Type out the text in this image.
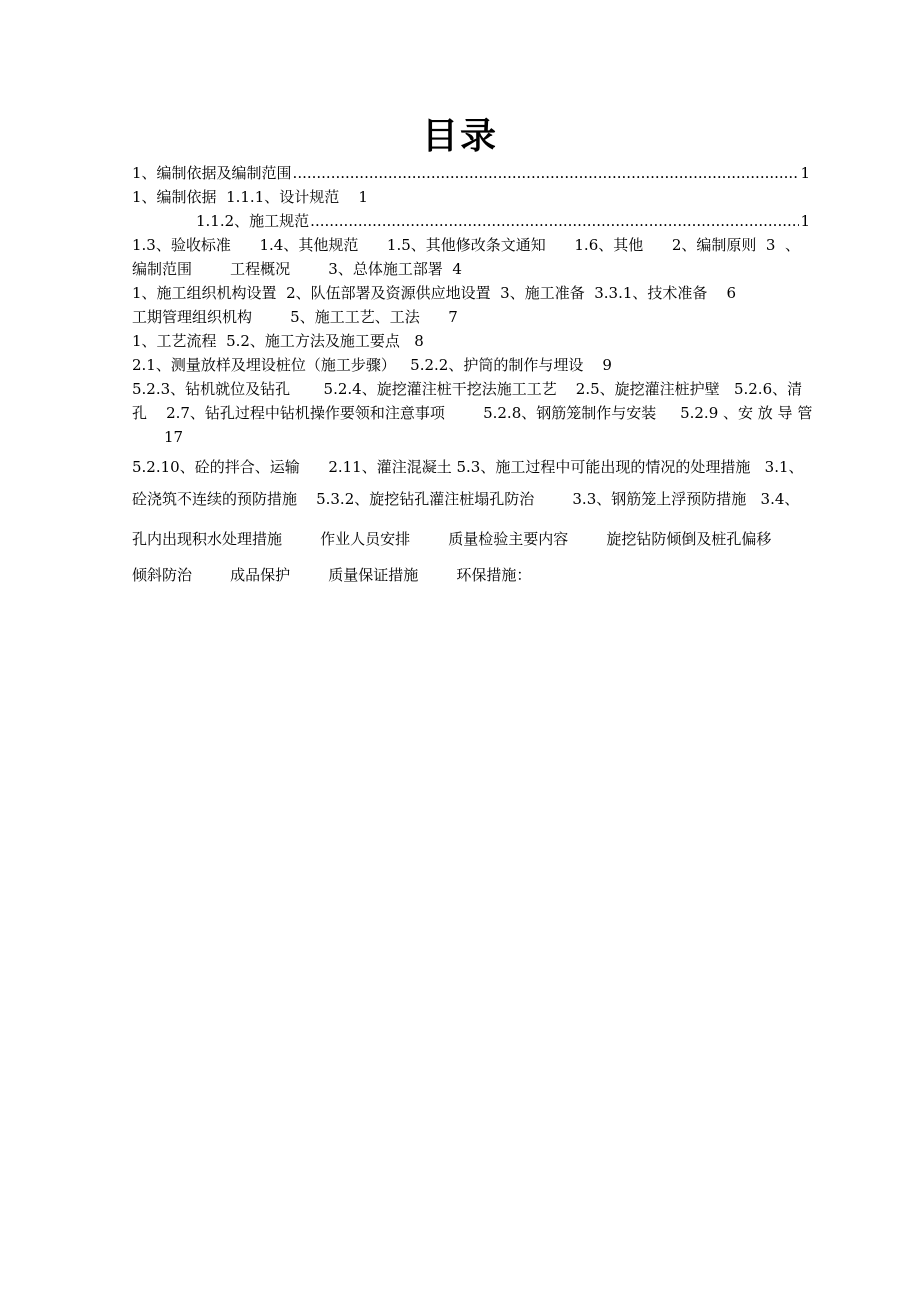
目录
1、编制依据及编制范围 .....	1
1、编制依据  1.1.1、设计规范    1
1.1.2、施工规范 .....	1
1.3、验收标准      1.4、其他规范      1.5、其他修改条文通知      1.6、其他      2、编制原则  3  、
编制范围        工程概况        3、总体施工部署  4
1、施工组织机构设置  2、队伍部署及资源供应地设置  3、施工准备  3.3.1、技术准备    6
工期管理组织机构        5、施工工艺、工法      7
1、工艺流程  5.2、施工方法及施工要点   8
2.1、测量放样及埋设桩位（施工步骤）   5.2.2、护筒的制作与埋设    9
5.2.3、钻机就位及钻孔       5.2.4、旋挖灌注桩干挖法施工工艺    2.5、旋挖灌注桩护壁   5.2.6、清
孔    2.7、钻孔过程中钻机操作要领和注意事项        5.2.8、钢筋笼制作与安装     5.2.9 、安 放 导 管
17
5.2.10、砼的拌合、运输      2.11、灌注混凝土 5.3、施工过程中可能出现的情况的处理措施   3.1、
砼浇筑不连续的预防措施    5.3.2、旋挖钻孔灌注桩塌孔防治        3.3、钢筋笼上浮预防措施   3.4、
孔内出现积水处理措施        作业人员安排        质量检验主要内容        旋挖钻防倾倒及桩孔偏移
倾斜防治        成品保护        质量保证措施        环保措施：
